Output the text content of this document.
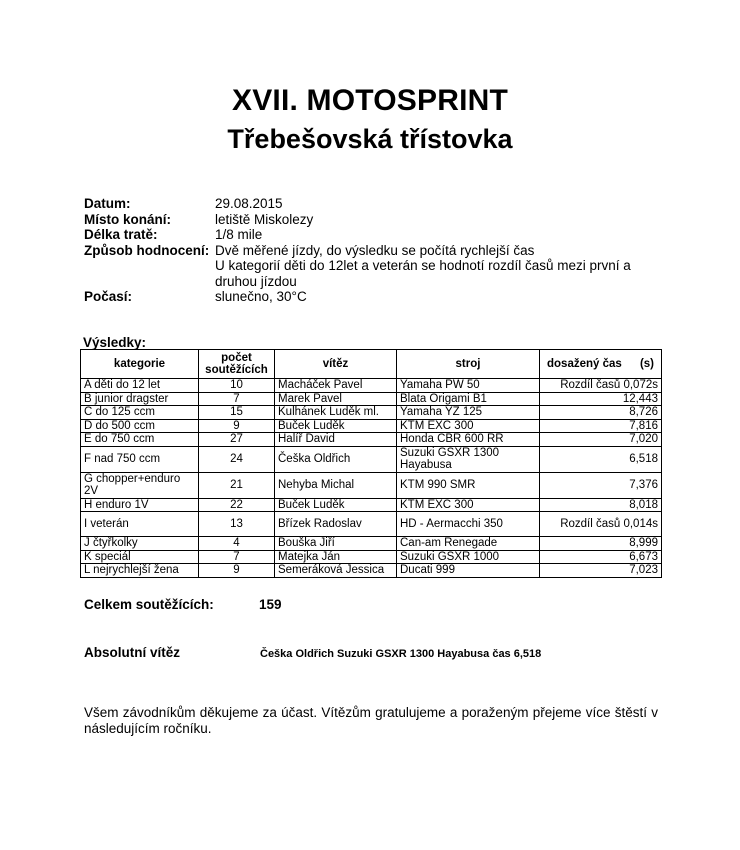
XVII. MOTOSPRINT
Třebešovská třístovka
Datum:	29.08.2015
Místo konání:	letiště Miskolezy
Délka tratě:	1/8 mile
Způsob hodnocení: Dvě měřené jízdy, do výsledku se počítá rychlejší čas
U kategorií děti do 12let a veterán se hodnotí rozdíl časů mezi první a druhou jízdou
Počasí:	slunečno, 30°C
Výsledky:
kategorie	počet soutěžících	vítěz	stroj	dosažený čas (s)

A děti do 12 let	10	Macháček Pavel	Yamaha PW 50	Rozdíl časů 0,072s
B junior dragster	7	Marek Pavel	Blata Origami B1	12,443
C do 125 ccm	15	Kulhánek Luděk ml.	Yamaha YZ 125	8,726
D do 500 ccm	9	Buček Luděk	KTM EXC 300	7,816
E do 750 ccm	27	Halíř David	Honda CBR 600 RR	7,020
F nad 750 ccm	24	Češka Oldřich	Suzuki GSXR 1300 Hayabusa	6,518
G chopper+enduro 2V	21	Nehyba Michal	KTM 990 SMR	7,376
H enduro 1V	22	Buček Luděk	KTM EXC 300	8,018
I veterán	13	Břízek Radoslav	HD - Aermacchi 350	Rozdíl časů 0,014s
J čtyřkolky	4	Bouška Jiří	Can-am Renegade	8,999
K speciál	7	Matejka Ján	Suzuki GSXR 1000	6,673
L nejrychlejší žena	9	Semeráková Jessica	Ducati 999	7,023
Celkem soutěžících:	159
Absolutní vítěz	Češka Oldřich Suzuki GSXR 1300 Hayabusa čas 6,518
Všem závodníkům děkujeme za účast. Vítězům gratulujeme a poraženým přejeme více štěstí v následujícím ročníku.
